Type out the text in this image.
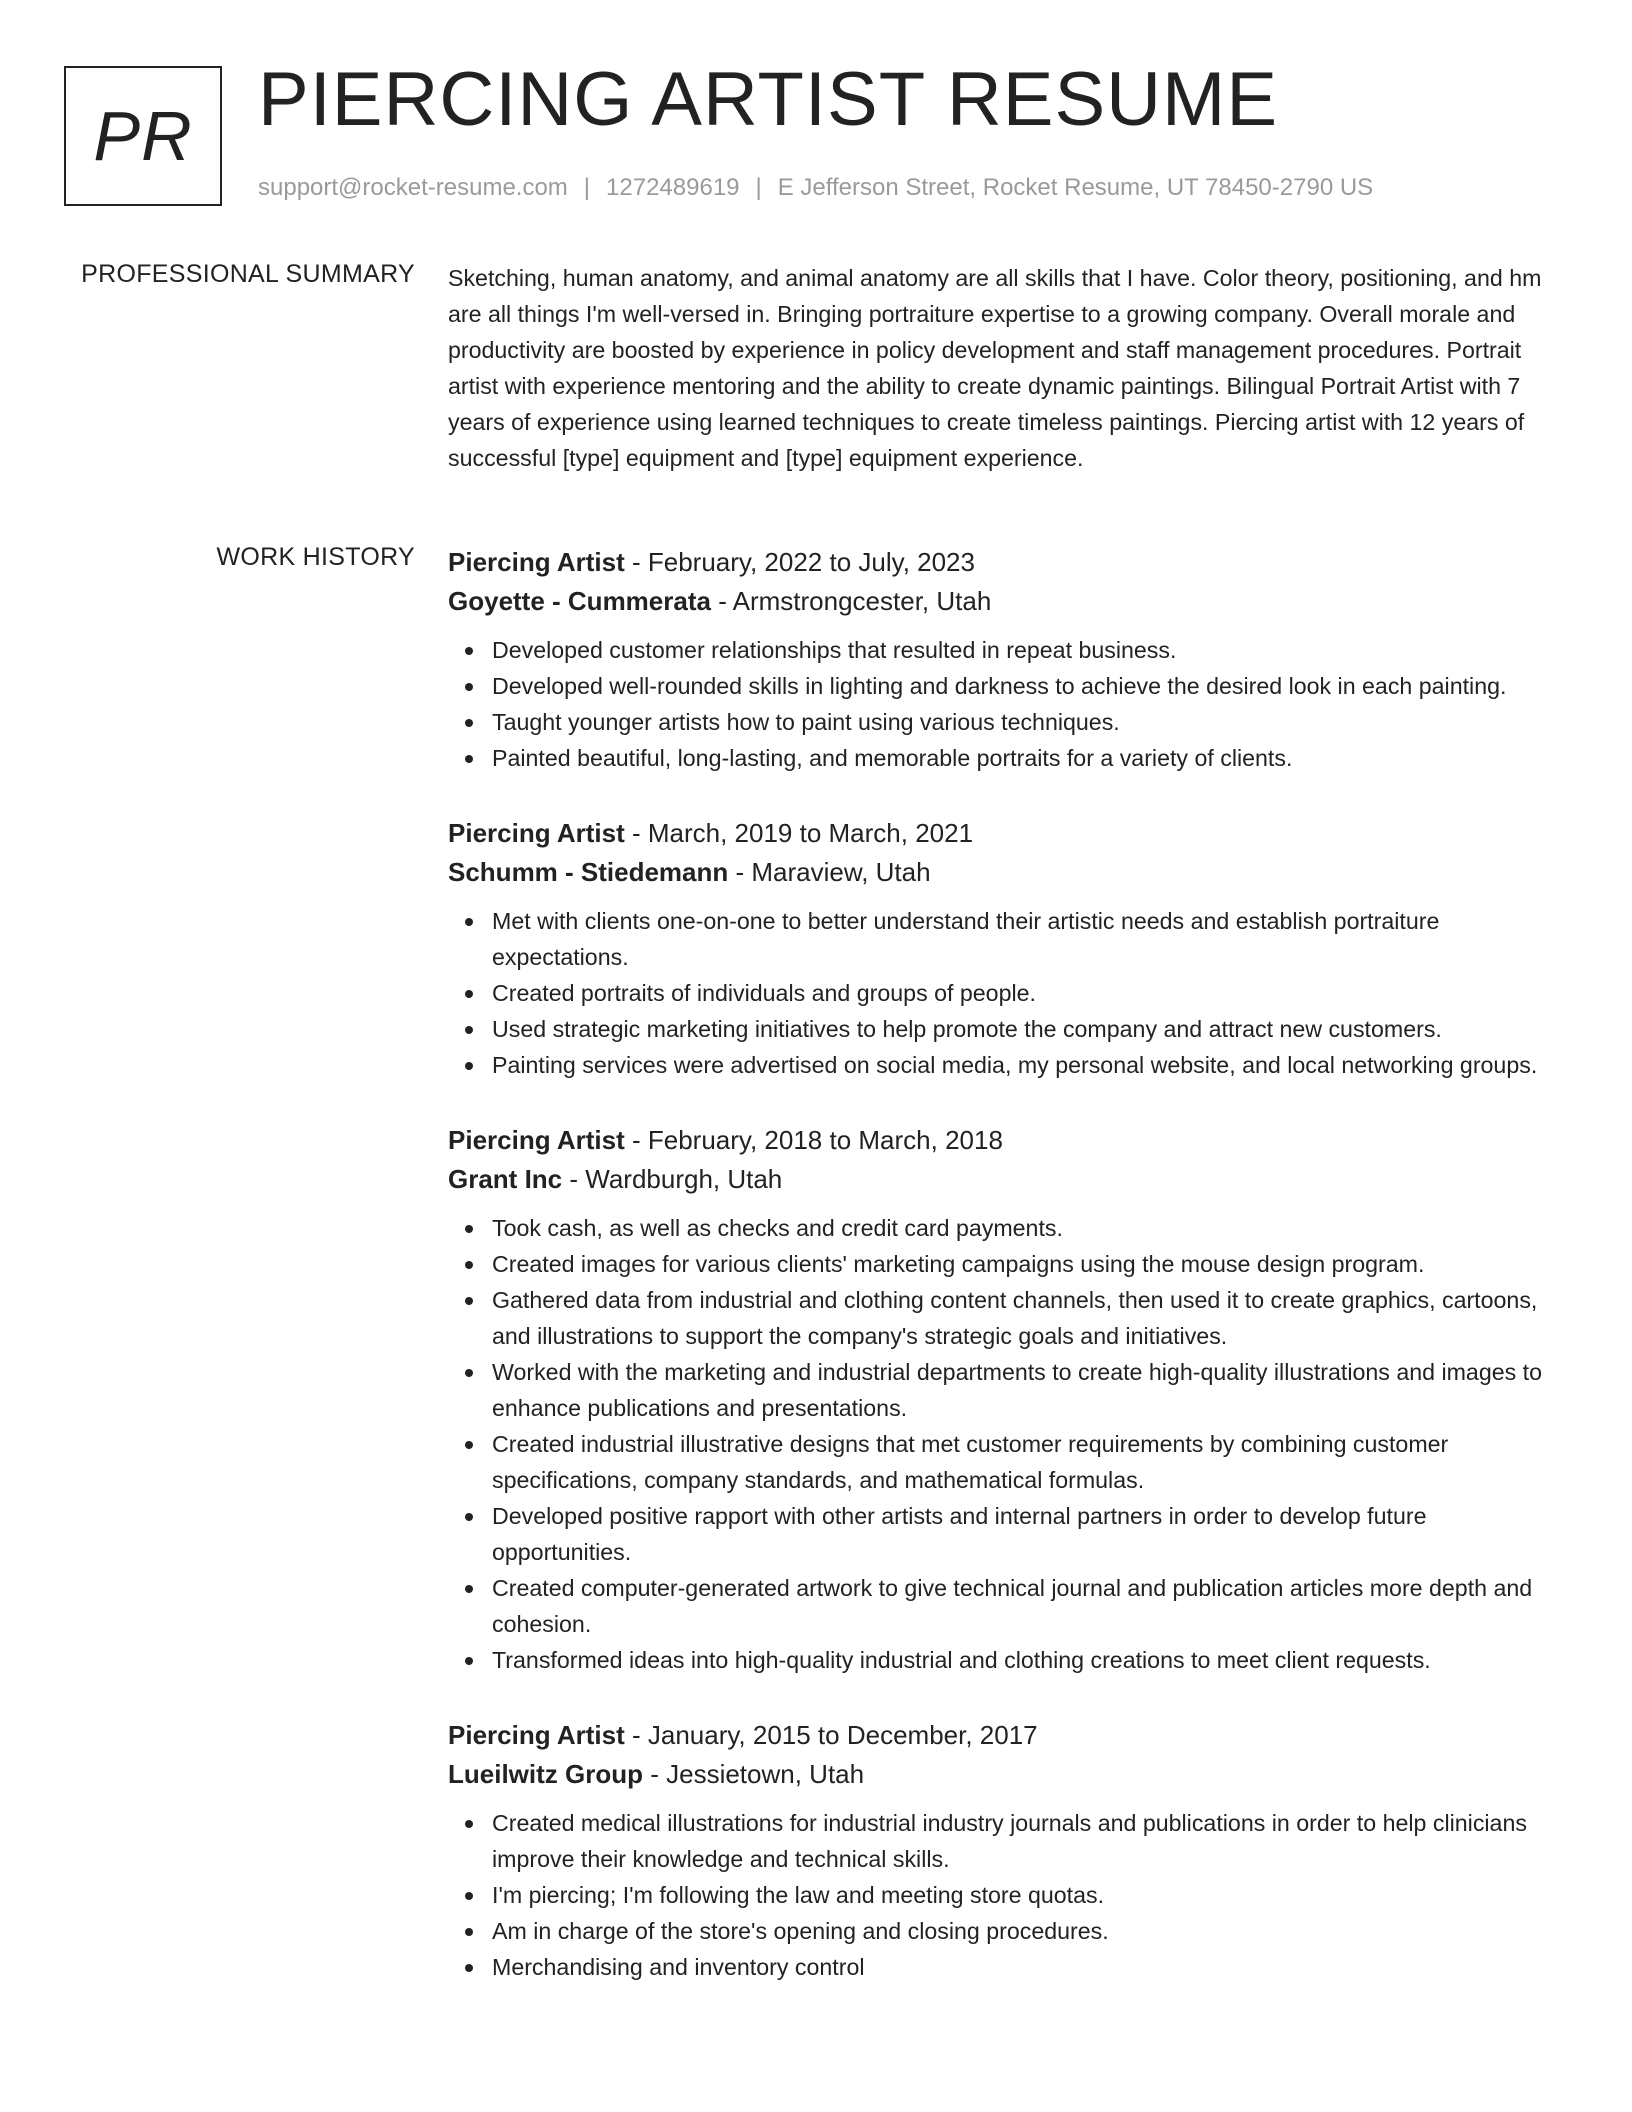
PR PIERCING ARTIST RESUME
support@rocket-resume.com | 1272489619 | E Jefferson Street, Rocket Resume, UT 78450-2790 US
PROFESSIONAL SUMMARY Sketching, human anatomy, and animal anatomy are all skills that I have. Color theory, positioning, and hm are all things I'm well-versed in. Bringing portraiture expertise to a growing company. Overall morale and productivity are boosted by experience in policy development and staff management procedures. Portrait artist with experience mentoring and the ability to create dynamic paintings. Bilingual Portrait Artist with 7 years of experience using learned techniques to create timeless paintings. Piercing artist with 12 years of successful [type] equipment and [type] equipment experience.

WORK HISTORY Piercing Artist - February, 2022 to July, 2023
Goyette - Cummerata - Armstrongcester, Utah
Developed customer relationships that resulted in repeat business.
Developed well-rounded skills in lighting and darkness to achieve the desired look in each painting.
Taught younger artists how to paint using various techniques.
Painted beautiful, long-lasting, and memorable portraits for a variety of clients.
Piercing Artist - March, 2019 to March, 2021
Schumm - Stiedemann - Maraview, Utah
Met with clients one-on-one to better understand their artistic needs and establish portraiture expectations.
Created portraits of individuals and groups of people.
Used strategic marketing initiatives to help promote the company and attract new customers.
Painting services were advertised on social media, my personal website, and local networking groups.
Piercing Artist - February, 2018 to March, 2018
Grant Inc - Wardburgh, Utah
Took cash, as well as checks and credit card payments.
Created images for various clients' marketing campaigns using the mouse design program.
Gathered data from industrial and clothing content channels, then used it to create graphics, cartoons, and illustrations to support the company's strategic goals and initiatives.
Worked with the marketing and industrial departments to create high-quality illustrations and images to enhance publications and presentations.
Created industrial illustrative designs that met customer requirements by combining customer specifications, company standards, and mathematical formulas.
Developed positive rapport with other artists and internal partners in order to develop future opportunities.
Created computer-generated artwork to give technical journal and publication articles more depth and cohesion.
Transformed ideas into high-quality industrial and clothing creations to meet client requests.
Piercing Artist - January, 2015 to December, 2017
Lueilwitz Group - Jessietown, Utah
Created medical illustrations for industrial industry journals and publications in order to help clinicians improve their knowledge and technical skills.
I'm piercing; I'm following the law and meeting store quotas.
Am in charge of the store's opening and closing procedures.
Merchandising and inventory control
